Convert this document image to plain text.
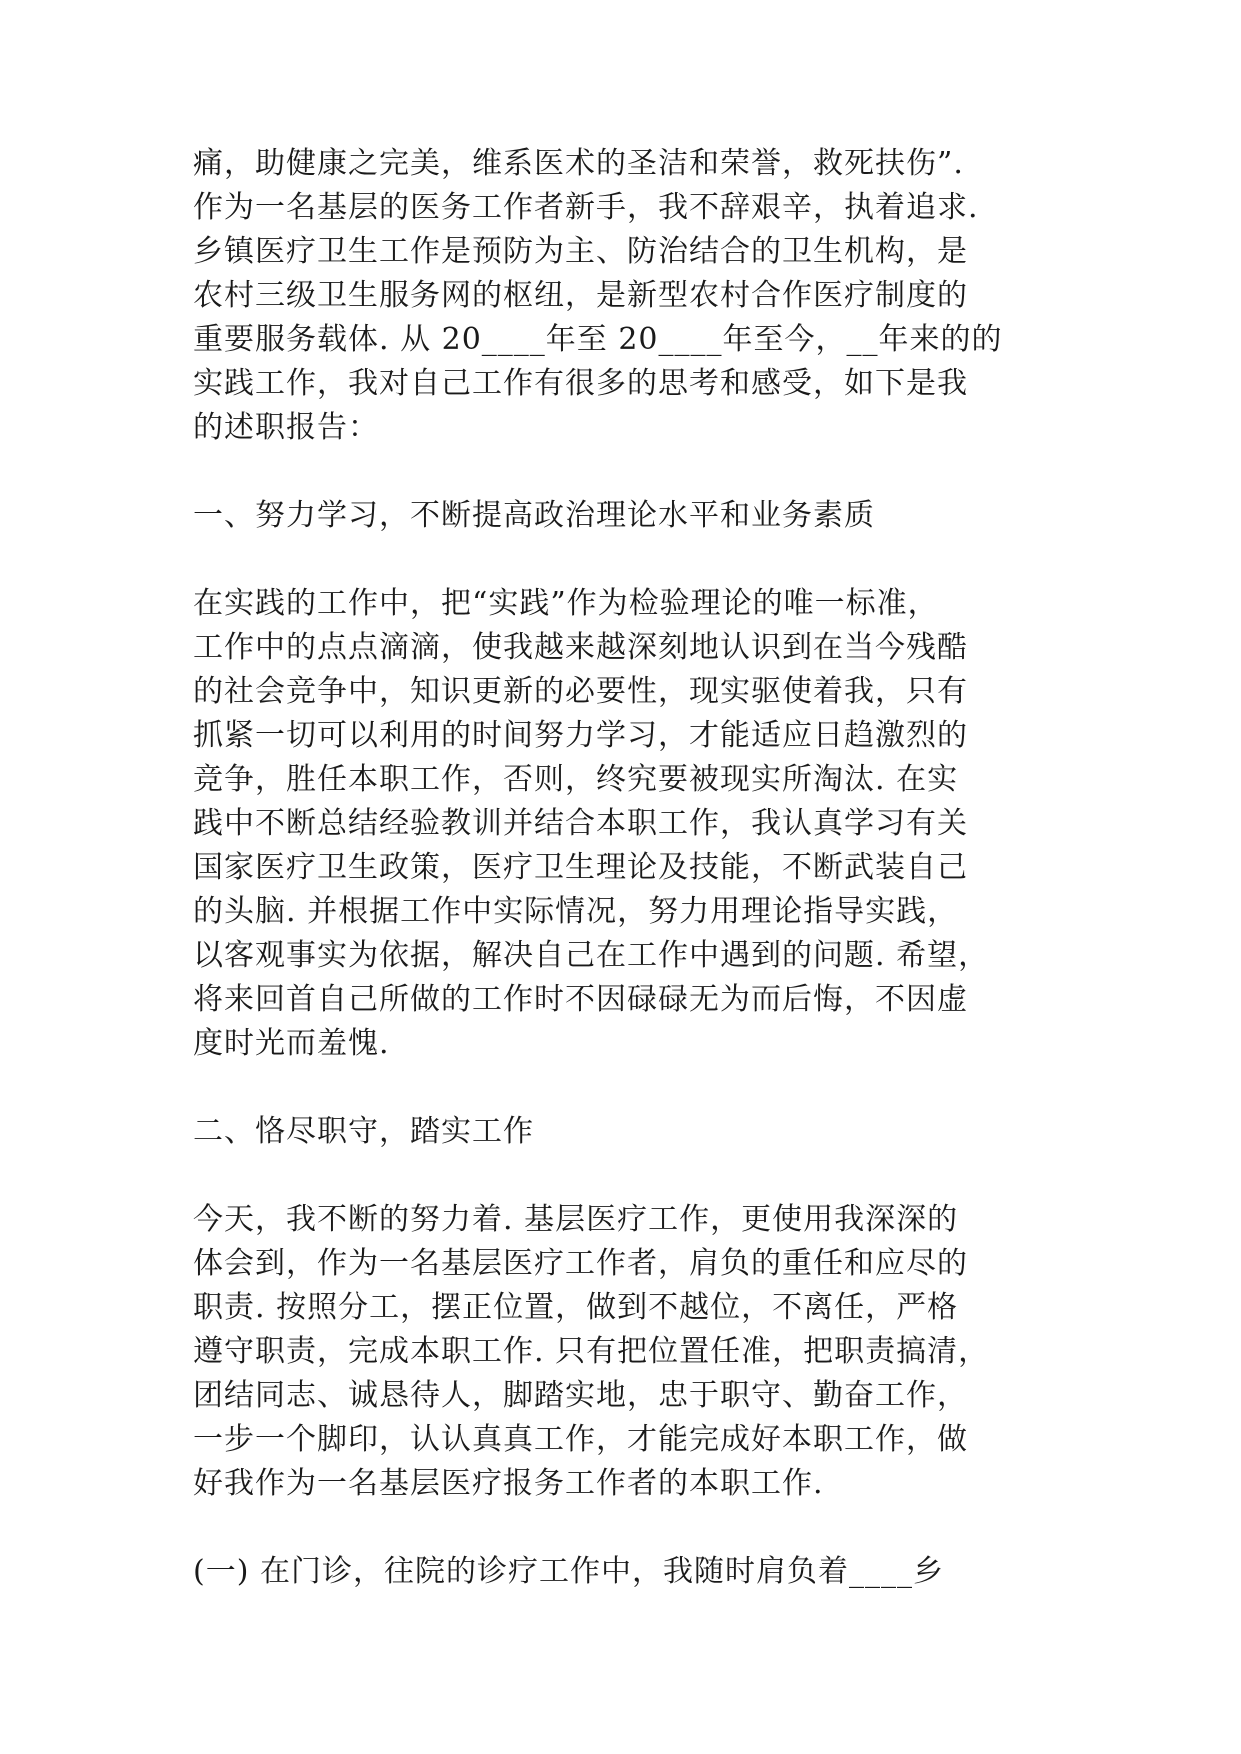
痛，助健康之完美，维系医术的圣洁和荣誉，救死扶伤”.
作为一名基层的医务工作者新手，我不辞艰辛，执着追求.
乡镇医疗卫生工作是预防为主、防治结合的卫生机构，是
农村三级卫生服务网的枢纽，是新型农村合作医疗制度的
重要服务载体. 从 20____年至 20____年至今，__年来的的
实践工作，我对自己工作有很多的思考和感受，如下是我
的述职报告：
一、努力学习，不断提高政治理论水平和业务素质
在实践的工作中，把“实践”作为检验理论的唯一标准，
工作中的点点滴滴，使我越来越深刻地认识到在当今残酷
的社会竞争中，知识更新的必要性，现实驱使着我，只有
抓紧一切可以利用的时间努力学习，才能适应日趋激烈的
竞争，胜任本职工作，否则，终究要被现实所淘汰. 在实
践中不断总结经验教训并结合本职工作，我认真学习有关
国家医疗卫生政策，医疗卫生理论及技能，不断武装自己
的头脑. 并根据工作中实际情况，努力用理论指导实践，
以客观事实为依据，解决自己在工作中遇到的问题. 希望，
将来回首自己所做的工作时不因碌碌无为而后悔，不因虚
度时光而羞愧.
二、恪尽职守，踏实工作
今天，我不断的努力着. 基层医疗工作，更使用我深深的
体会到，作为一名基层医疗工作者，肩负的重任和应尽的
职责. 按照分工，摆正位置，做到不越位，不离任，严格
遵守职责，完成本职工作. 只有把位置任准，把职责搞清，
团结同志、诚恳待人，脚踏实地，忠于职守、勤奋工作，
一步一个脚印，认认真真工作，才能完成好本职工作，做
好我作为一名基层医疗报务工作者的本职工作.
(一) 在门诊，往院的诊疗工作中，我随时肩负着____乡
